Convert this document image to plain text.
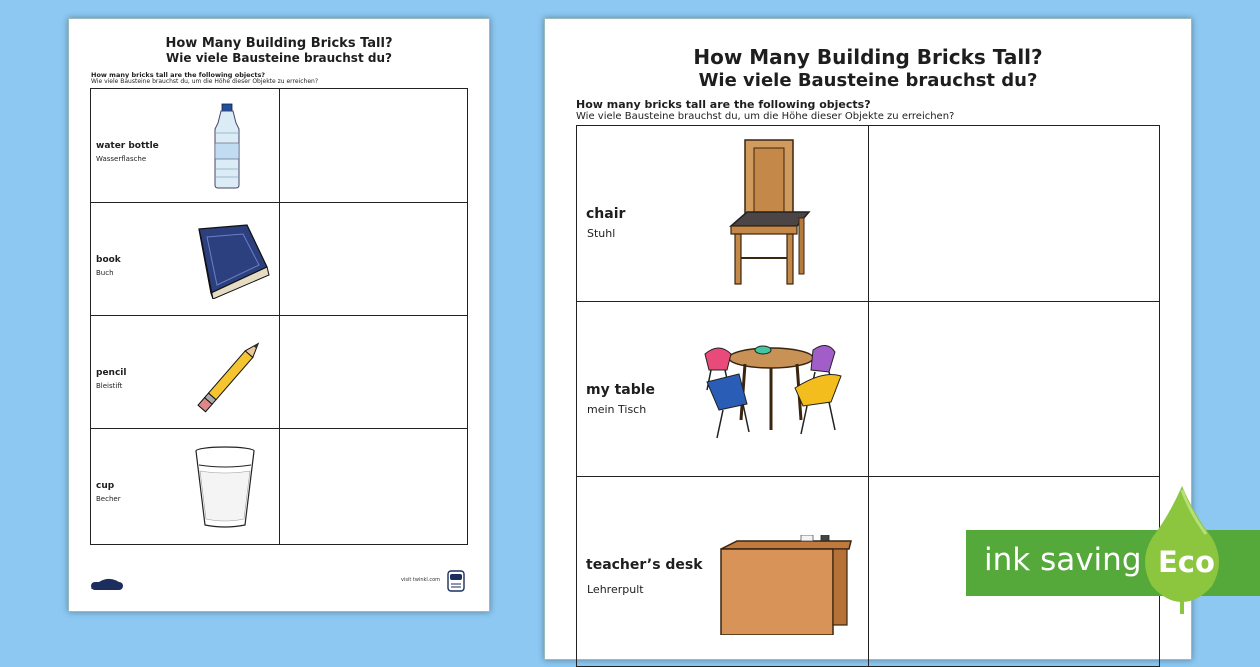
How Many Building Bricks Tall?
Wie viele Bausteine brauchst du?
How many bricks tall are the following objects?
Wie viele Bausteine brauchst du, um die Höhe dieser Objekte zu erreichen?
water bottle
Wasserflasche
book
Buch
pencil
Bleistift
cup
Becher
visit twinkl.com
How Many Building Bricks Tall?
Wie viele Bausteine brauchst du?
How many bricks tall are the following objects?
Wie viele Bausteine brauchst du, um die Höhe dieser Objekte zu erreichen?
chair
Stuhl
my table
mein Tisch
teacher’s desk
Lehrerpult
ink saving Eco
